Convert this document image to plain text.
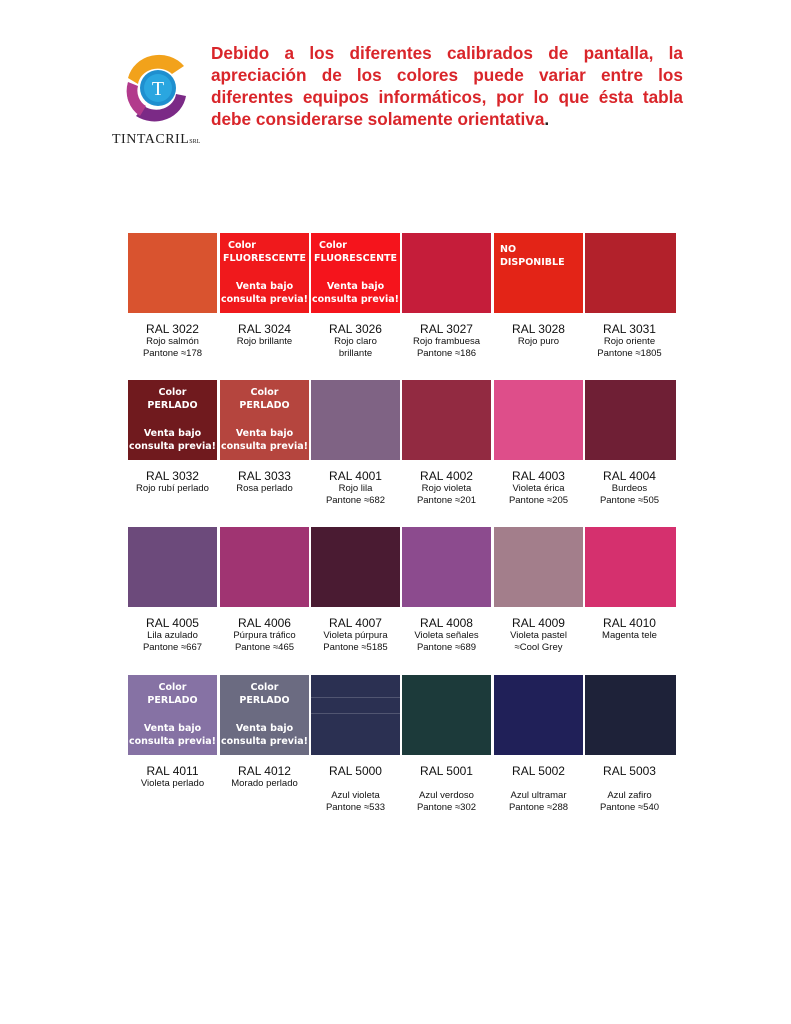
T
TINTACRILSRL

Debido a los diferentes calibrados de pantalla, la apreciación de los colores puede variar entre los diferentes equipos informáticos, por lo que ésta tabla debe considerarse solamente orientativa.

RAL 3022
Rojo salmón
Pantone ≈178
Color
FLUORESCENTE
Venta bajo
consulta previa!
RAL 3024
Rojo brillante
Color
FLUORESCENTE
Venta bajo
consulta previa!
RAL 3026
Rojo claro
brillante
RAL 3027
Rojo frambuesa
Pantone ≈186
NO
DISPONIBLE
RAL 3028
Rojo puro
RAL 3031
Rojo oriente
Pantone ≈1805
Color
PERLADO
Venta bajo
consulta previa!
RAL 3032
Rojo rubí perlado
Color
PERLADO
Venta bajo
consulta previa!
RAL 3033
Rosa perlado
RAL 4001
Rojo lila
Pantone ≈682
RAL 4002
Rojo violeta
Pantone ≈201
RAL 4003
Violeta érica
Pantone ≈205
RAL 4004
Burdeos
Pantone ≈505
RAL 4005
Lila azulado
Pantone ≈667
RAL 4006
Púrpura tráfico
Pantone ≈465
RAL 4007
Violeta púrpura
Pantone ≈5185
RAL 4008
Violeta señales
Pantone ≈689
RAL 4009
Violeta pastel
≈Cool Grey
RAL 4010
Magenta tele
Color
PERLADO
Venta bajo
consulta previa!
RAL 4011
Violeta perlado
Color
PERLADO
Venta bajo
consulta previa!
RAL 4012
Morado perlado
RAL 5000
Azul violeta
Pantone ≈533
RAL 5001
Azul verdoso
Pantone ≈302
RAL 5002
Azul ultramar
Pantone ≈288
RAL 5003
Azul zafiro
Pantone ≈540
